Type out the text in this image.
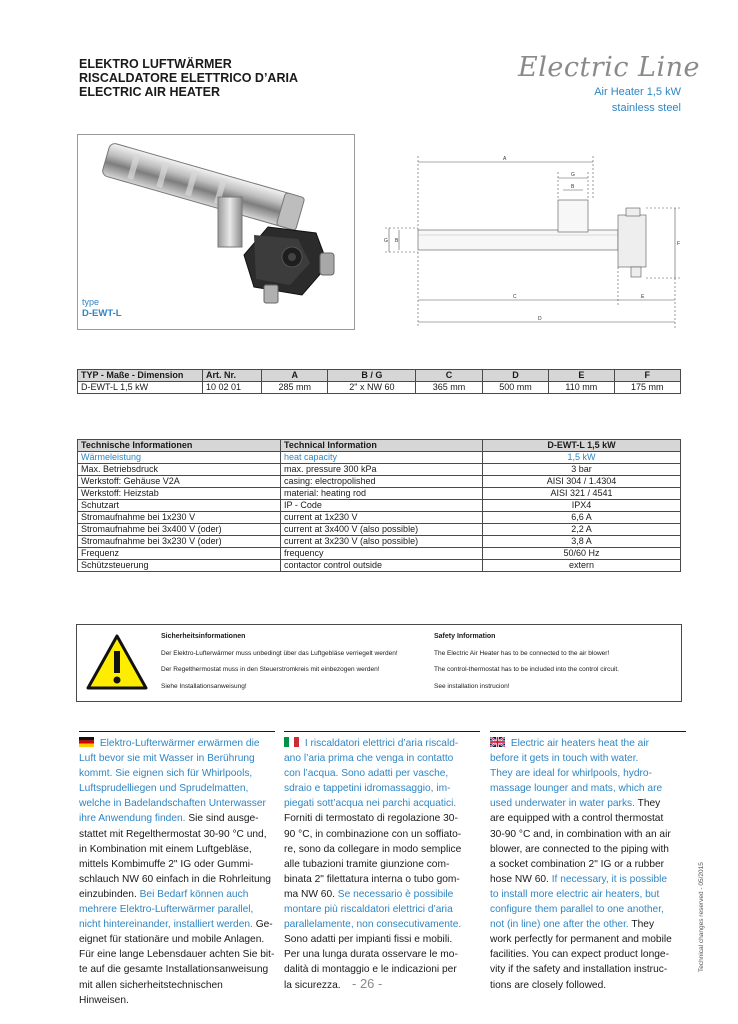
ELEKTRO LUFTWÄRMER
RISCALDATORE ELETTRICO D’ARIA
ELECTRIC AIR HEATER
Electric Line
Air Heater 1,5 kW
stainless steel
type
D-EWT-L
A
G
B
G B	F
C	E
D
TYP - Maße - Dimension	Art. Nr.	A	B / G	C	D	E	F
D-EWT-L 1,5 kW	10 02 01	285 mm	2" x NW 60	365 mm	500 mm	110 mm	175 mm
Technische Informationen	Technical Information	D-EWT-L 1,5 kW
Wärmeleistung	heat capacity	1,5 kW
Max. Betriebsdruck	max. pressure 300 kPa	3 bar
Werkstoff: Gehäuse V2A	casing: electropolished	AISI 304 / 1.4304
Werkstoff: Heizstab	material: heating rod	AISI 321 / 4541
Schutzart	IP - Code	IPX4
Stromaufnahme bei 1x230 V	current at 1x230 V	6,6 A
Stromaufnahme bei 3x400 V (oder)	current at 3x400 V (also possible)	2,2 A
Stromaufnahme bei 3x230 V (oder)	current at 3x230 V (also possible)	3,8 A
Frequenz	frequency	50/60 Hz
Schützsteuerung	contactor control outside	extern
Sicherheitsinformationen
Der Elektro-Lufterwärmer muss unbedingt über das Luftgebläse verriegelt werden!
Der Regelthermostat muss in den Steuerstromkreis mit einbezogen werden!
Siehe Installationsanweisung!
Safety Information
The Electric Air Heater has to be connected to the air blower!
The control-thermostat has to be included into the control circuit.
See installation instrucion!
Elektro-Lufterwärmer erwärmen die
Luft bevor sie mit Wasser in Berührung
kommt. Sie eignen sich für Whirlpools,
Luftsprudelliegen und Sprudelmatten,
welche in Badelandschaften Unterwasser
ihre Anwendung finden. Sie sind ausge-
stattet mit Regelthermostat 30-90 °C und,
in Kombination mit einem Luftgebläse,
mittels Kombimuffe 2" IG oder Gummi-
schlauch NW 60 einfach in die Rohrleitung
einzubinden. Bei Bedarf können auch
mehrere Elektro-Lufterwärmer parallel,
nicht hintereinander, installiert werden. Ge-
eignet für stationäre und mobile Anlagen.
Für eine lange Lebensdauer achten Sie bit-
te auf die gesamte Installationsanweisung
mit allen sicherheitstechnischen Hinweisen.
I riscaldatori elettrici d’aria riscald-
ano l’aria prima che venga in contatto
con l’acqua. Sono adatti per vasche,
sdraio e tappetini idromassaggio, im-
piegati sott’acqua nei parchi acquatici.
Forniti di termostato di regolazione 30-
90 °C, in combinazione con un soffiato-
re, sono da collegare in modo semplice
alle tubazioni tramite giunzione com-
binata 2" filettatura interna o tubo gom-
ma NW 60. Se necessario è possibile
montare più riscaldatori elettrici d’aria
parallelamente, non consecutivamente.
Sono adatti per impianti fissi e mobili.
Per una lunga durata osservare le mo-
dalità di montaggio e le indicazioni per
la sicurezza.
Electric air heaters heat the air
before it gets in touch with water.
They are ideal for whirlpools, hydro-
massage lounger and mats, which are
used underwater in water parks. They
are equipped with a control thermostat
30-90 °C and, in combination with an air
blower, are connected to the piping with
a socket combination 2" IG or a rubber
hose NW 60. If necessary, it is possible
to install more electric air heaters, but
configure them parallel to one another,
not (in line) one after the other. They
work perfectly for permanent and mobile
facilities. You can expect product longe-
vity if the safety and installation instruc-
tions are closely followed.
- 26 -
Technical changes reserved - 05/2015
